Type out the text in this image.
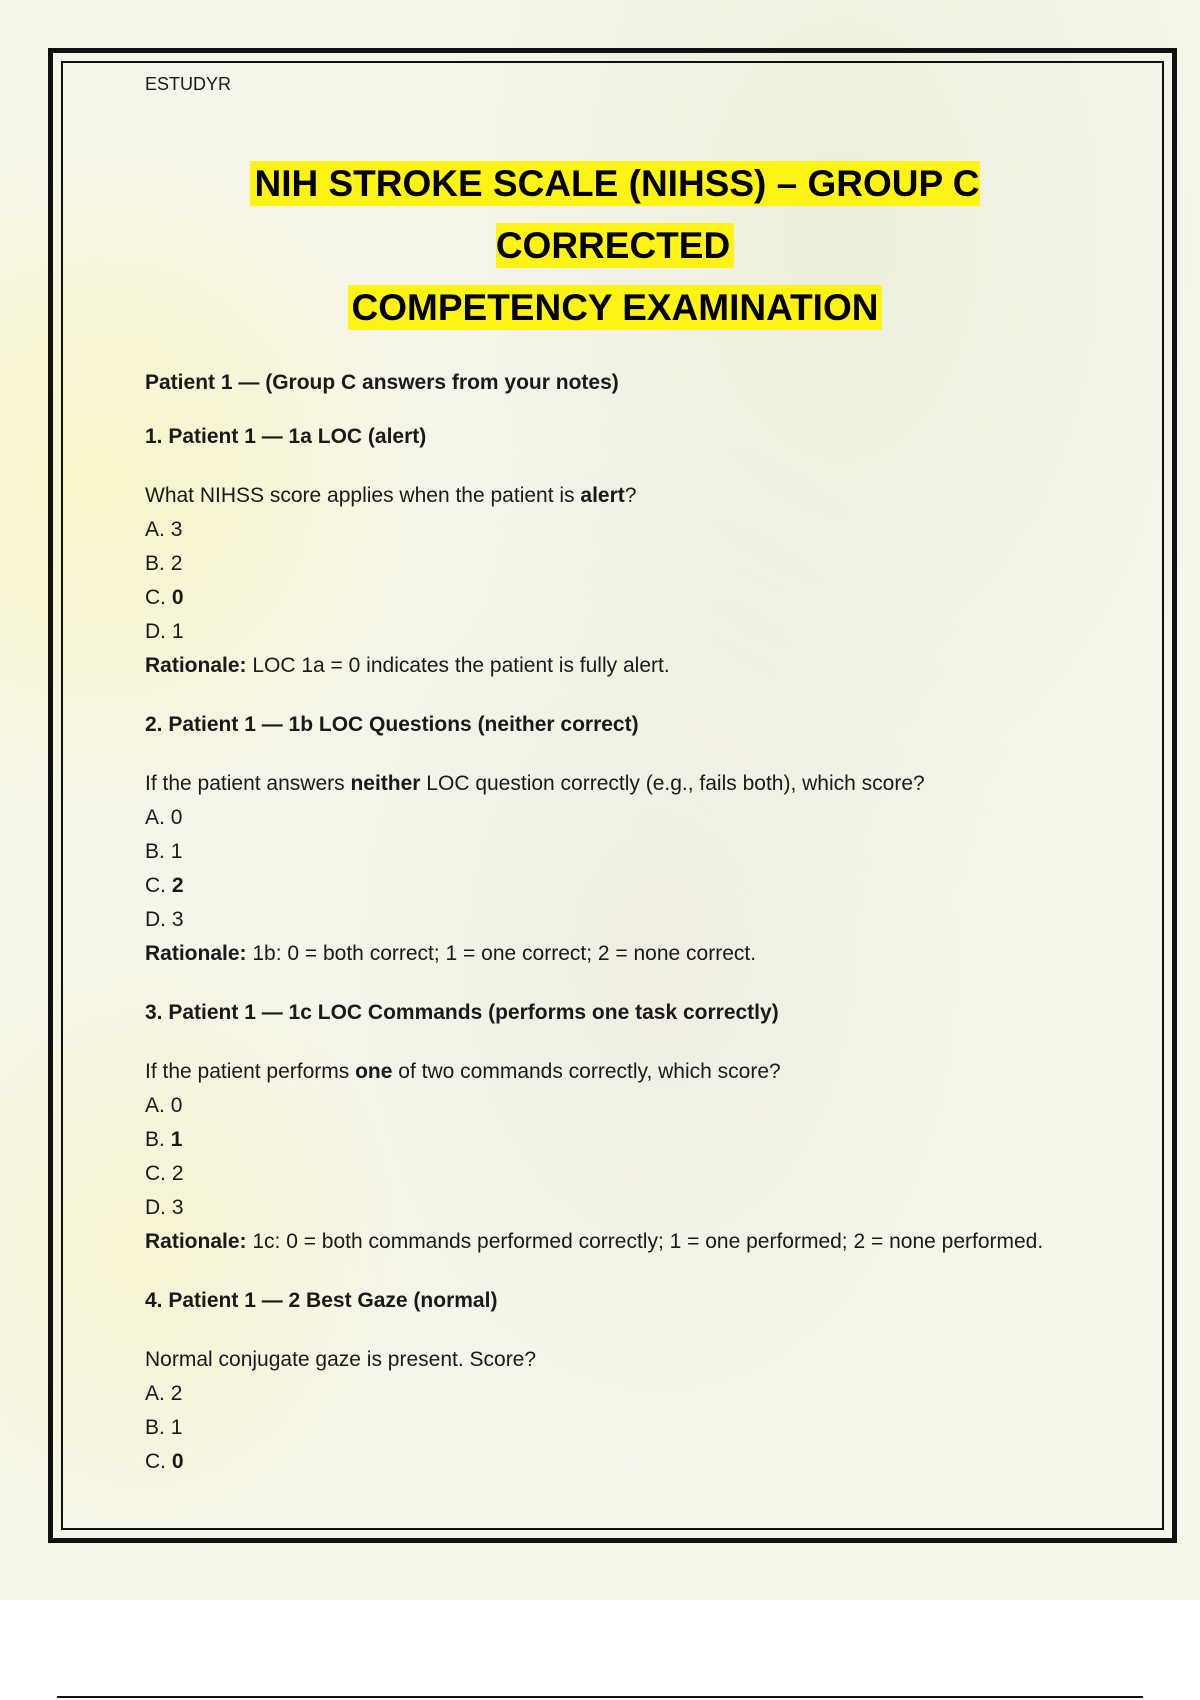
ESTUDYR

NIH STROKE SCALE (NIHSS) – GROUP C CORRECTED
COMPETENCY EXAMINATION
Patient 1 — (Group C answers from your notes)
1. Patient 1 — 1a LOC (alert)
What NIHSS score applies when the patient is alert?
A. 3
B. 2
C. 0
D. 1
Rationale: LOC 1a = 0 indicates the patient is fully alert.
2. Patient 1 — 1b LOC Questions (neither correct)
If the patient answers neither LOC question correctly (e.g., fails both), which score?
A. 0
B. 1
C. 2
D. 3
Rationale: 1b: 0 = both correct; 1 = one correct; 2 = none correct.
3. Patient 1 — 1c LOC Commands (performs one task correctly)
If the patient performs one of two commands correctly, which score?
A. 0
B. 1
C. 2
D. 3
Rationale: 1c: 0 = both commands performed correctly; 1 = one performed; 2 = none performed.
4. Patient 1 — 2 Best Gaze (normal)
Normal conjugate gaze is present. Score?
A. 2
B. 1
C. 0
